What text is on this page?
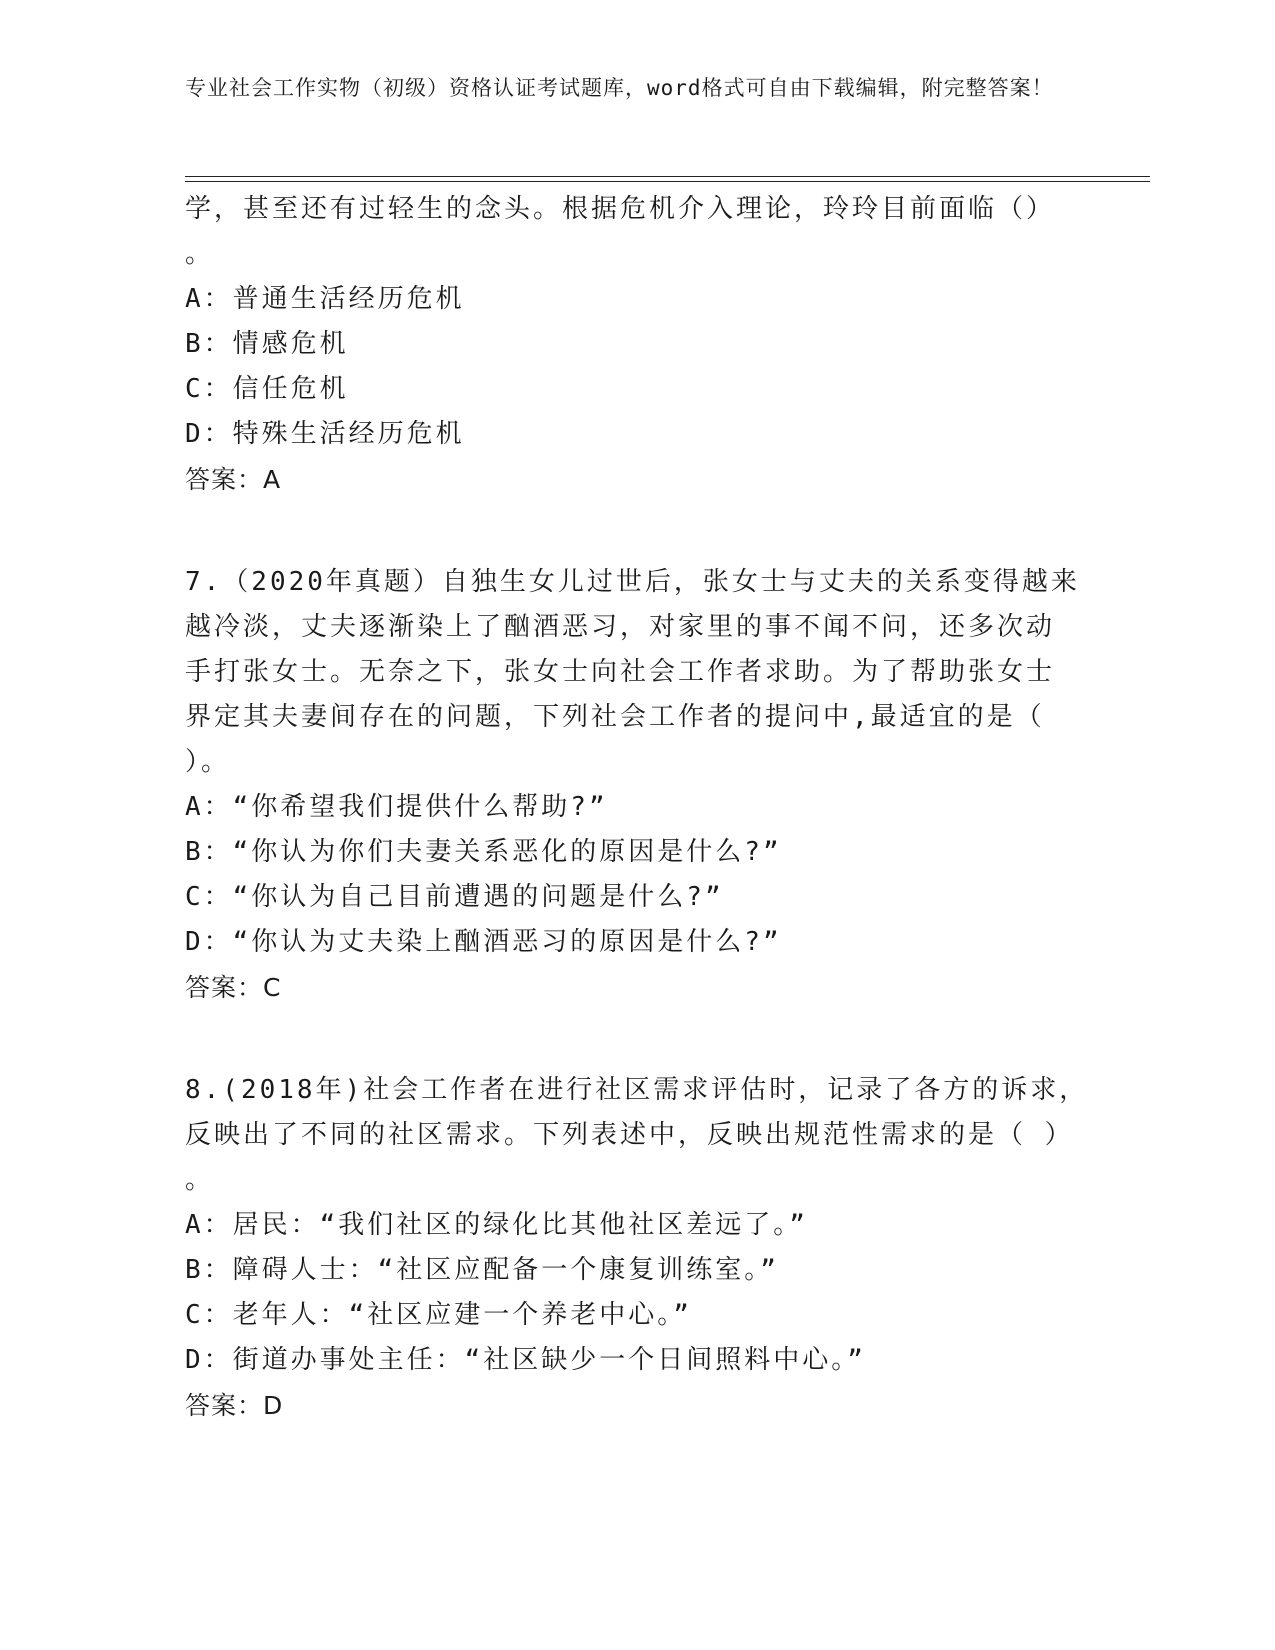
专业社会工作实物（初级）资格认证考试题库，word格式可自由下载编辑，附完整答案！
学，甚至还有过轻生的念头。根据危机介入理论，玲玲目前面临（）
。
A：普通生活经历危机
B：情感危机
C：信任危机
D：特殊生活经历危机
答案：A
7.（2020年真题）自独生女儿过世后，张女士与丈夫的关系变得越来
越冷淡，丈夫逐渐染上了酗酒恶习，对家里的事不闻不问，还多次动
手打张女士。无奈之下，张女士向社会工作者求助。为了帮助张女士
界定其夫妻间存在的问题，下列社会工作者的提问中,最适宜的是（
）。
A：“你希望我们提供什么帮助?”
B：“你认为你们夫妻关系恶化的原因是什么?”
C：“你认为自己目前遭遇的问题是什么?”
D：“你认为丈夫染上酗酒恶习的原因是什么?”
答案：C
8.(2018年)社会工作者在进行社区需求评估时，记录了各方的诉求，
反映出了不同的社区需求。下列表述中，反映出规范性需求的是（ ）
。
A：居民：“我们社区的绿化比其他社区差远了。”
B：障碍人士：“社区应配备一个康复训练室。”
C：老年人：“社区应建一个养老中心。”
D：街道办事处主任：“社区缺少一个日间照料中心。”
答案：D
